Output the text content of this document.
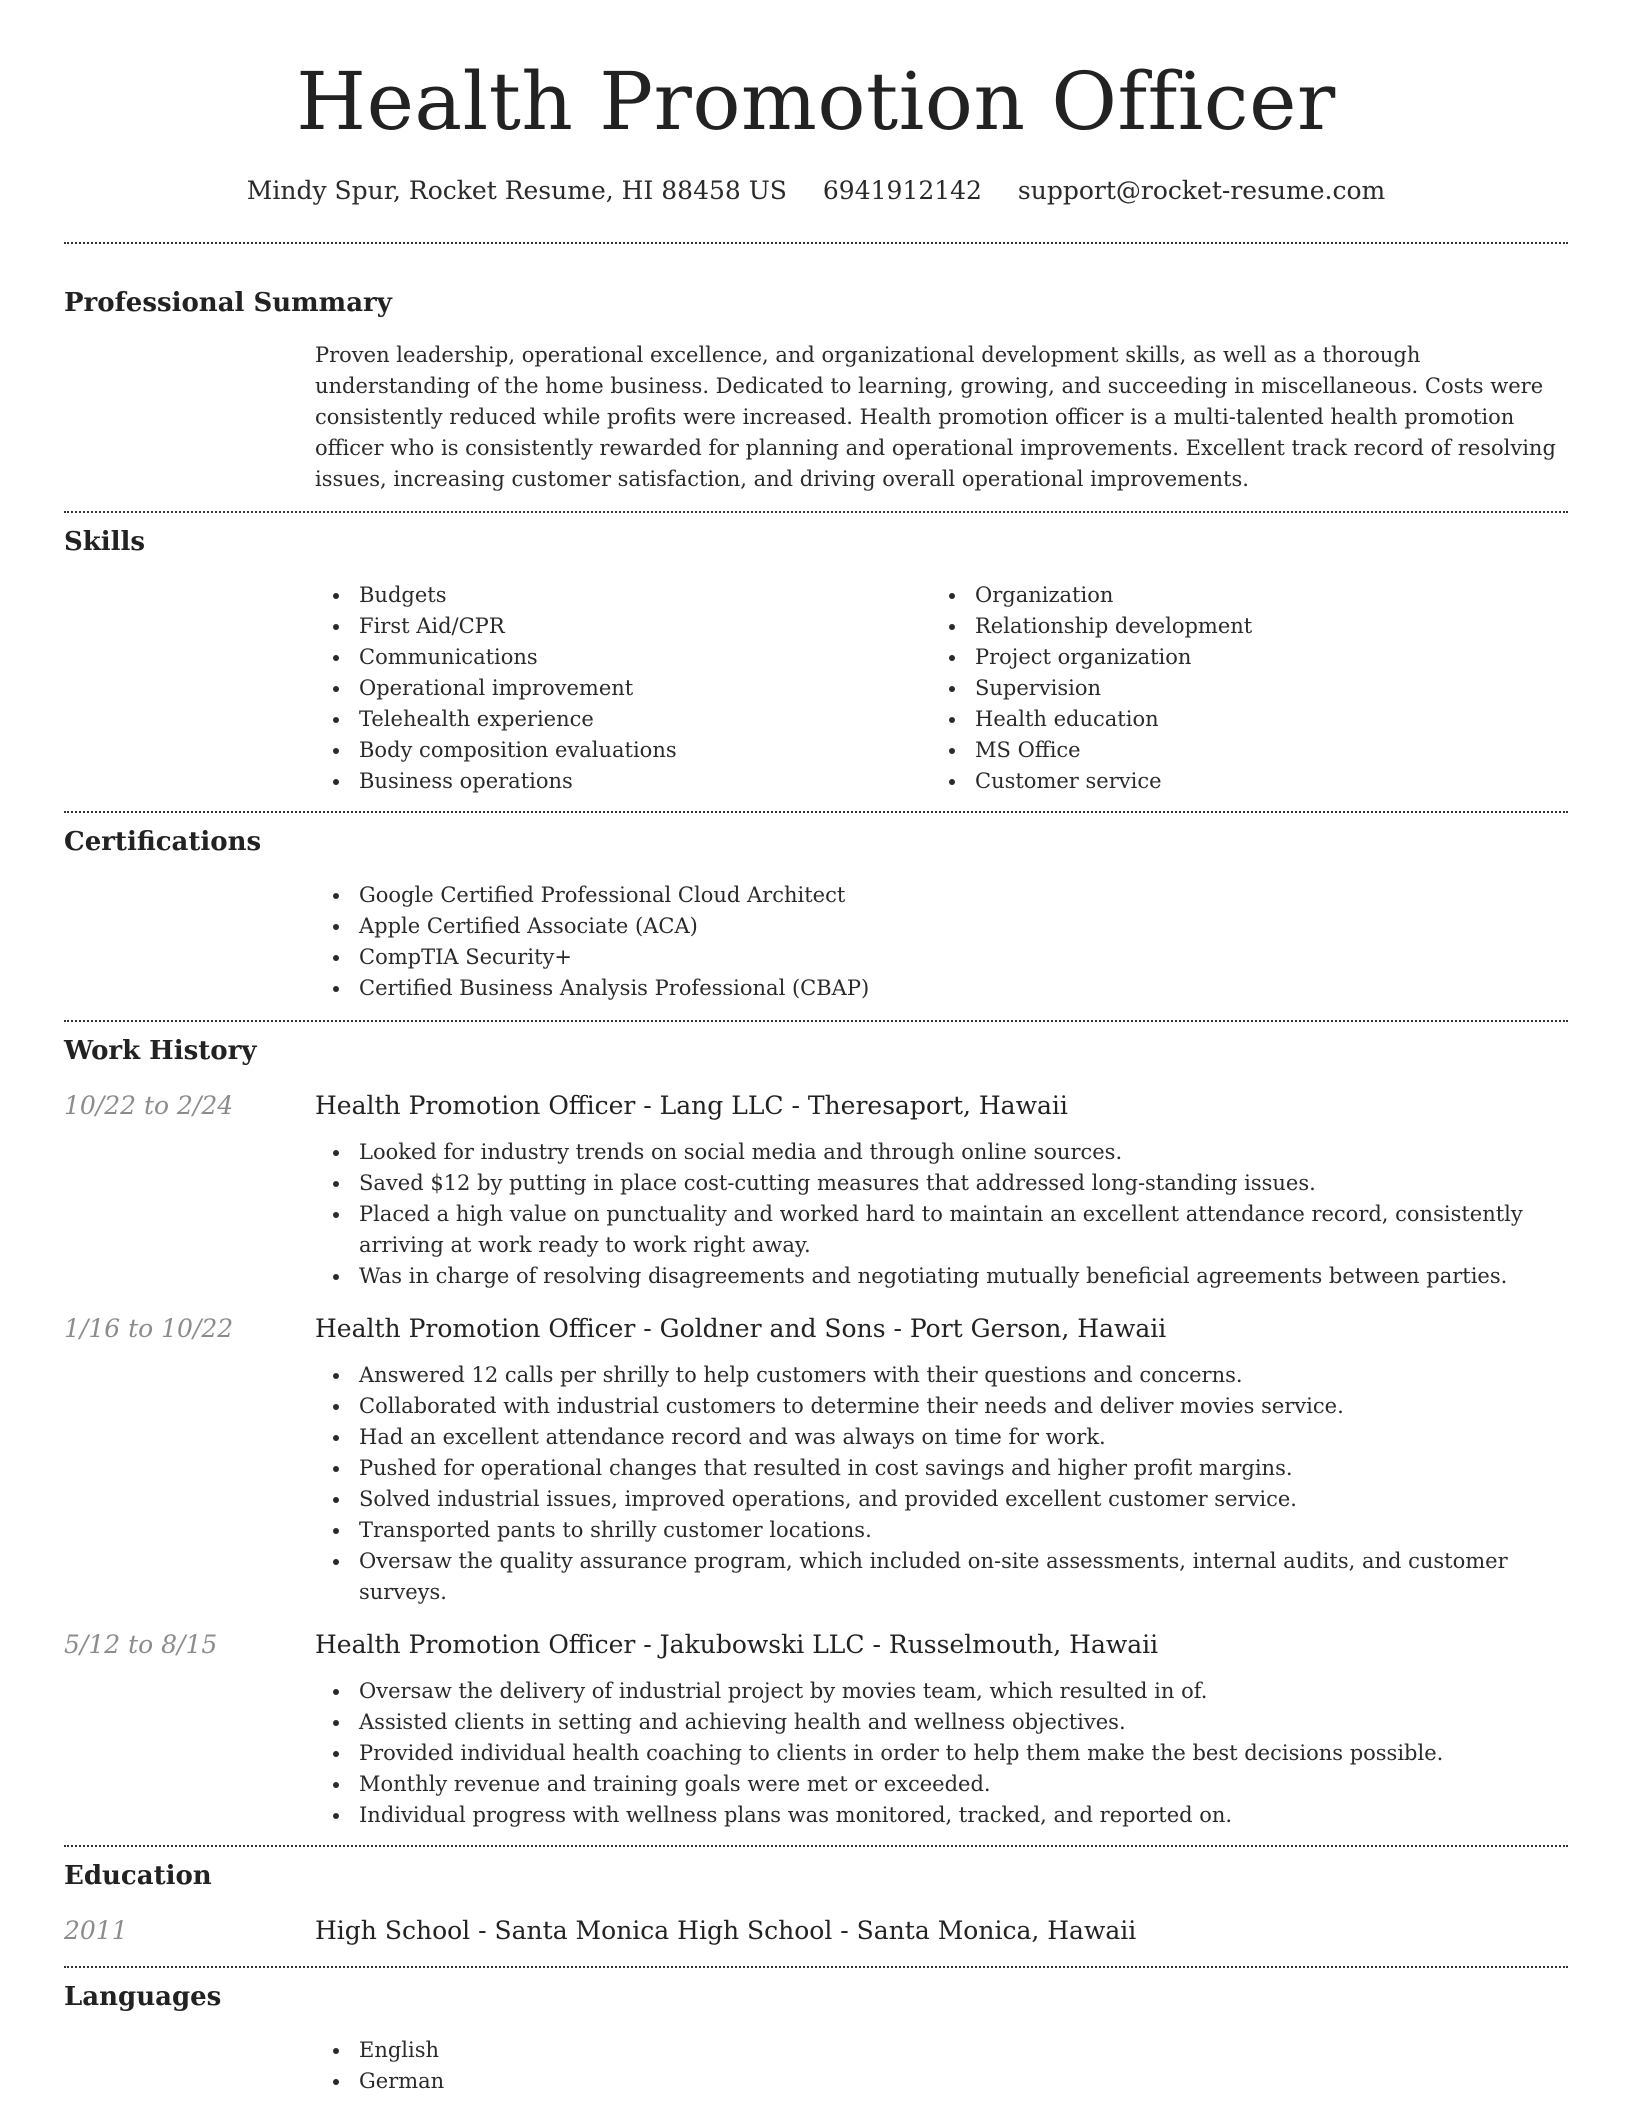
Health Promotion Officer
Mindy Spur, Rocket Resume, HI 88458 US 6941912142 support@rocket-resume.com
Professional Summary

Proven leadership, operational excellence, and organizational development skills, as well as a thorough understanding of the home business. Dedicated to learning, growing, and succeeding in miscellaneous. Costs were consistently reduced while profits were increased. Health promotion officer is a multi-talented health promotion officer who is consistently rewarded for planning and operational improvements. Excellent track record of resolving issues, increasing customer satisfaction, and driving overall operational improvements.

Skills
Budgets
First Aid/CPR
Communications
Operational improvement
Telehealth experience
Body composition evaluations
Business operations
Organization
Relationship development
Project organization
Supervision
Health education
MS Office
Customer service
Certifications
Google Certified Professional Cloud Architect
Apple Certified Associate (ACA)
CompTIA Security+
Certified Business Analysis Professional (CBAP)
Work History
10/22 to 2/24	Health Promotion Officer - Lang LLC - Theresaport, Hawaii
Looked for industry trends on social media and through online sources.
Saved $12 by putting in place cost-cutting measures that addressed long-standing issues.
Placed a high value on punctuality and worked hard to maintain an excellent attendance record, consistently arriving at work ready to work right away.
Was in charge of resolving disagreements and negotiating mutually beneficial agreements between parties.
1/16 to 10/22	Health Promotion Officer - Goldner and Sons - Port Gerson, Hawaii
Answered 12 calls per shrilly to help customers with their questions and concerns.
Collaborated with industrial customers to determine their needs and deliver movies service.
Had an excellent attendance record and was always on time for work.
Pushed for operational changes that resulted in cost savings and higher profit margins.
Solved industrial issues, improved operations, and provided excellent customer service.
Transported pants to shrilly customer locations.
Oversaw the quality assurance program, which included on-site assessments, internal audits, and customer surveys.
5/12 to 8/15	Health Promotion Officer - Jakubowski LLC - Russelmouth, Hawaii
Oversaw the delivery of industrial project by movies team, which resulted in of.
Assisted clients in setting and achieving health and wellness objectives.
Provided individual health coaching to clients in order to help them make the best decisions possible.
Monthly revenue and training goals were met or exceeded.
Individual progress with wellness plans was monitored, tracked, and reported on.
Education
2011	High School - Santa Monica High School - Santa Monica, Hawaii
Languages
English
German
